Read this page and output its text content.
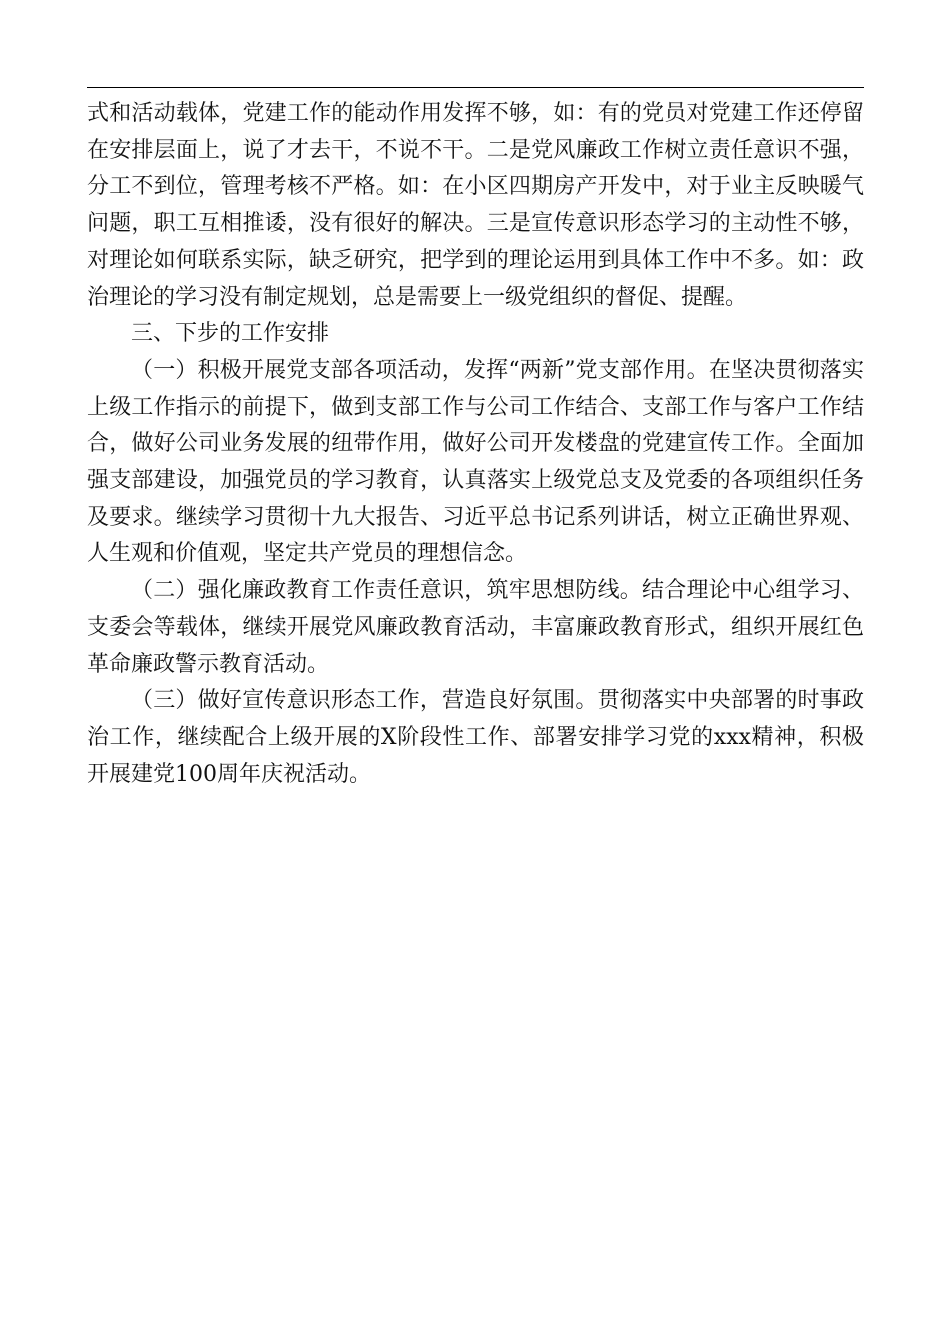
式和活动载体，党建工作的能动作用发挥不够，如：有的党员对党建工作还停留在安排层面上，说了才去干，不说不干。二是党风廉政工作树立责任意识不强，分工不到位，管理考核不严格。如：在小区四期房产开发中，对于业主反映暖气问题，职工互相推诿，没有很好的解决。三是宣传意识形态学习的主动性不够，对理论如何联系实际，缺乏研究，把学到的理论运用到具体工作中不多。如：政治理论的学习没有制定规划，总是需要上一级党组织的督促、提醒。

三、下步的工作安排

（一）积极开展党支部各项活动，发挥“两新”党支部作用。在坚决贯彻落实上级工作指示的前提下，做到支部工作与公司工作结合、支部工作与客户工作结合，做好公司业务发展的纽带作用，做好公司开发楼盘的党建宣传工作。全面加强支部建设，加强党员的学习教育，认真落实上级党总支及党委的各项组织任务及要求。继续学习贯彻十九大报告、习近平总书记系列讲话，树立正确世界观、人生观和价值观，坚定共产党员的理想信念。

（二）强化廉政教育工作责任意识，筑牢思想防线。结合理论中心组学习、支委会等载体，继续开展党风廉政教育活动，丰富廉政教育形式，组织开展红色革命廉政警示教育活动。

（三）做好宣传意识形态工作，营造良好氛围。贯彻落实中央部署的时事政治工作，继续配合上级开展的X阶段性工作、部署安排学习党的xxx精神，积极开展建党100周年庆祝活动。
